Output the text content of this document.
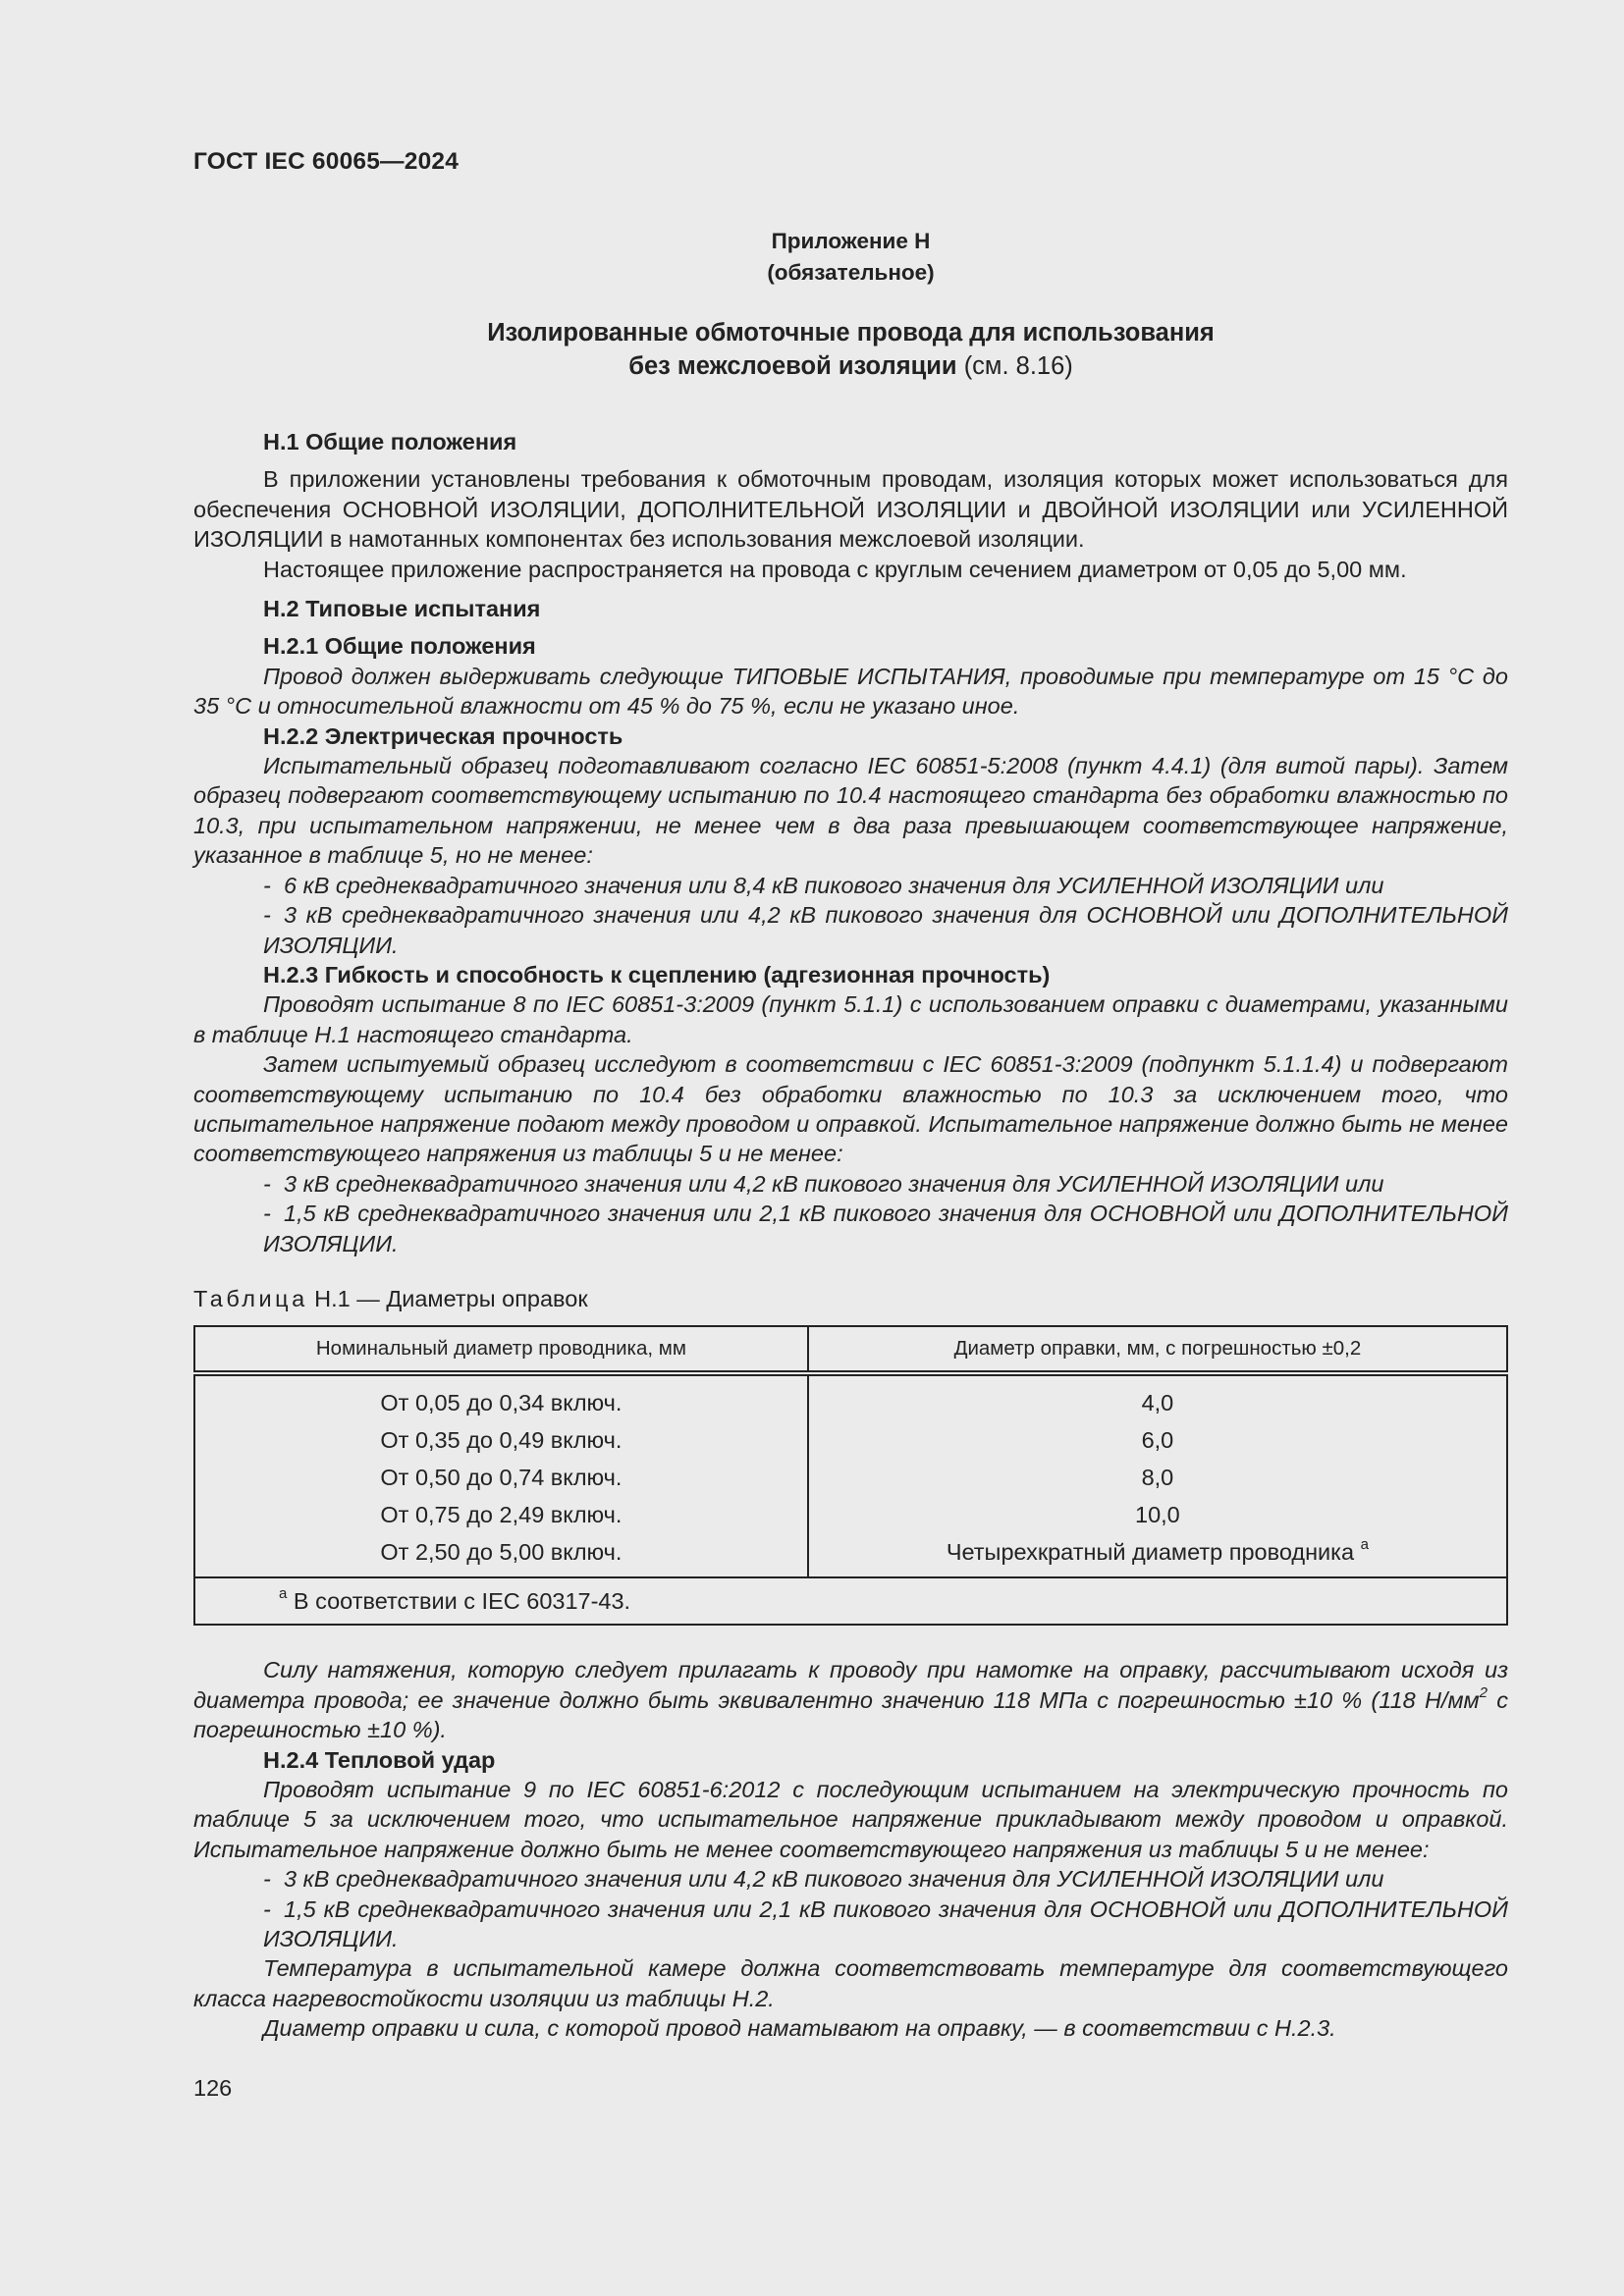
ГОСТ IEC 60065—2024
Приложение Н
(обязательное)
Изолированные обмоточные провода для использования
без межслоевой изоляции (см. 8.16)

Н.1 Общие положения

В приложении установлены требования к обмоточным проводам, изоляция которых может использоваться для обеспечения ОСНОВНОЙ ИЗОЛЯЦИИ, ДОПОЛНИТЕЛЬНОЙ ИЗОЛЯЦИИ и ДВОЙНОЙ ИЗОЛЯЦИИ или УСИЛЕННОЙ ИЗОЛЯЦИИ в намотанных компонентах без использования межслоевой изоляции.

Настоящее приложение распространяется на провода с круглым сечением диаметром от 0,05 до 5,00 мм.

Н.2 Типовые испытания

Н.2.1 Общие положения

Провод должен выдерживать следующие ТИПОВЫЕ ИСПЫТАНИЯ, проводимые при температуре от 15 °С до 35 °С и относительной влажности от 45 % до 75 %, если не указано иное.

Н.2.2 Электрическая прочность

Испытательный образец подготавливают согласно IEC 60851-5:2008 (пункт 4.4.1) (для витой пары). Затем образец подвергают соответствующему испытанию по 10.4 настоящего стандарта без обработки влажностью по 10.3, при испытательном напряжении, не менее чем в два раза превышающем соответствующее напряжение, указанное в таблице 5, но не менее:

- 6 кВ среднеквадратичного значения или 8,4 кВ пикового значения для УСИЛЕННОЙ ИЗОЛЯЦИИ или

- 3 кВ среднеквадратичного значения или 4,2 кВ пикового значения для ОСНОВНОЙ или ДОПОЛНИТЕЛЬНОЙ ИЗОЛЯЦИИ.

Н.2.3 Гибкость и способность к сцеплению (адгезионная прочность)

Проводят испытание 8 по IEC 60851-3:2009 (пункт 5.1.1) с использованием оправки с диаметрами, указанными в таблице Н.1 настоящего стандарта.

Затем испытуемый образец исследуют в соответствии с IEC 60851-3:2009 (подпункт 5.1.1.4) и подвергают соответствующему испытанию по 10.4 без обработки влажностью по 10.3 за исключением того, что испытательное напряжение подают между проводом и оправкой. Испытательное напряжение должно быть не менее соответствующего напряжения из таблицы 5 и не менее:

- 3 кВ среднеквадратичного значения или 4,2 кВ пикового значения для УСИЛЕННОЙ ИЗОЛЯЦИИ или

- 1,5 кВ среднеквадратичного значения или 2,1 кВ пикового значения для ОСНОВНОЙ или ДОПОЛНИТЕЛЬНОЙ ИЗОЛЯЦИИ.

Таблица Н.1 — Диаметры оправок

Номинальный диаметр проводника, мм	Диаметр оправки, мм, с погрешностью ±0,2
От 0,05 до 0,34 включ.	4,0
От 0,35 до 0,49 включ.	6,0
От 0,50 до 0,74 включ.	8,0
От 0,75 до 2,49 включ.	10,0
От 2,50 до 5,00 включ.	Четырехкратный диаметр проводника $^а$
$^а$ В соответствии с IEC 60317-43.	

Силу натяжения, которую следует прилагать к проводу при намотке на оправку, рассчитывают исходя из диаметра провода; ее значение должно быть эквивалентно значению 118 МПа с погрешностью ±10 % (118 $Н/мм^2$ с погрешностью ±10 %).

Н.2.4 Тепловой удар

Проводят испытание 9 по IEC 60851-6:2012 с последующим испытанием на электрическую прочность по таблице 5 за исключением того, что испытательное напряжение прикладывают между проводом и оправкой. Испытательное напряжение должно быть не менее соответствующего напряжения из таблицы 5 и не менее:

- 3 кВ среднеквадратичного значения или 4,2 кВ пикового значения для УСИЛЕННОЙ ИЗОЛЯЦИИ или

- 1,5 кВ среднеквадратичного значения или 2,1 кВ пикового значения для ОСНОВНОЙ или ДОПОЛНИТЕЛЬНОЙ ИЗОЛЯЦИИ.

Температура в испытательной камере должна соответствовать температуре для соответствующего класса нагревостойкости изоляции из таблицы Н.2.

Диаметр оправки и сила, с которой провод наматывают на оправку, — в соответствии с Н.2.3.

126
